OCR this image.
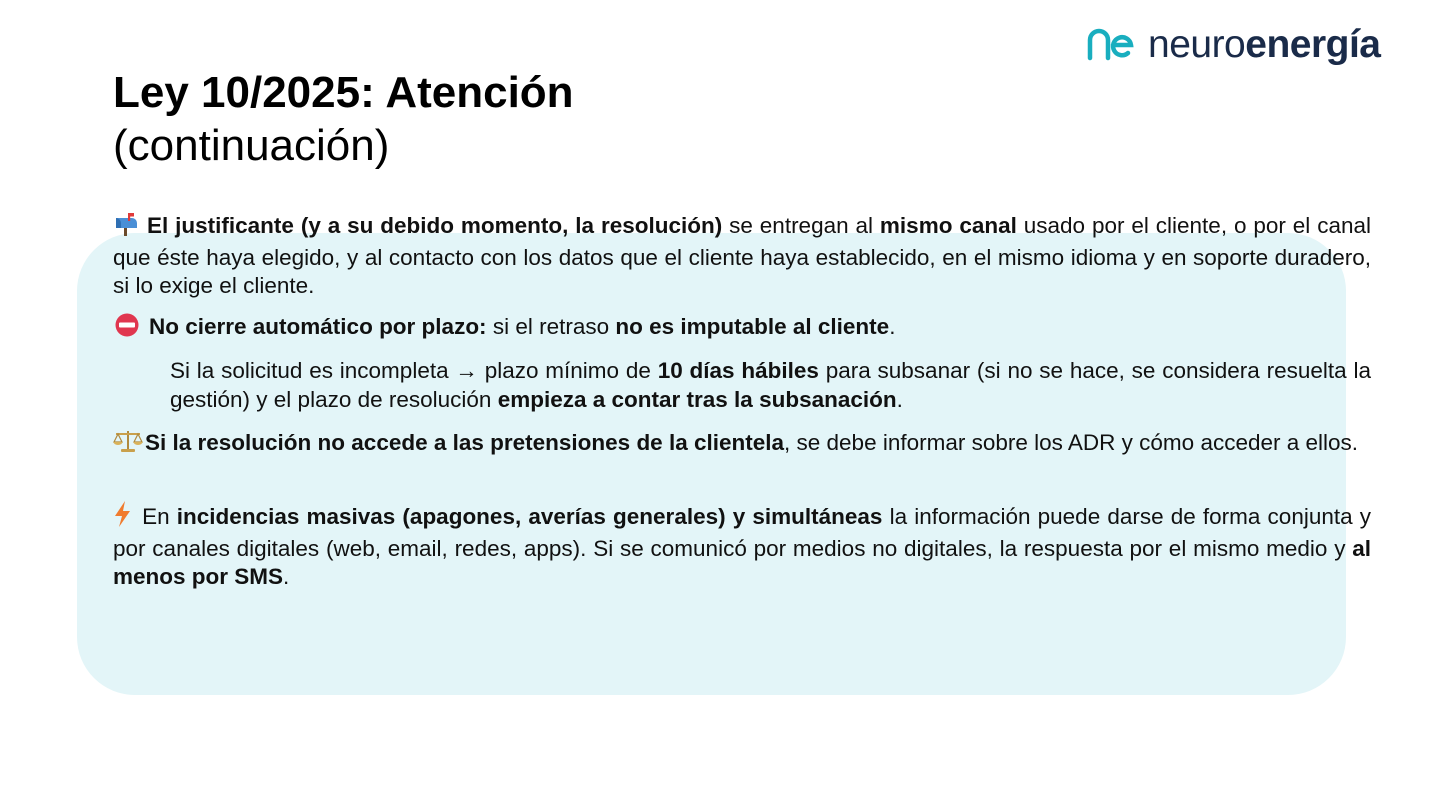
neuroenergía
Ley 10/2025: Atención
(continuación)

El justificante (y a su debido momento, la resolución) se entregan al mismo canal usado por el cliente, o por el canal que éste haya elegido, y al contacto con los datos que el cliente haya establecido, en el mismo idioma y en soporte duradero, si lo exige el cliente.

No cierre automático por plazo: si el retraso no es imputable al cliente.

Si la solicitud es incompleta → plazo mínimo de 10 días hábiles para subsanar (si no se hace, se considera resuelta la gestión) y el plazo de resolución empieza a contar tras la subsanación.

Si la resolución no accede a las pretensiones de la clientela, se debe informar sobre los ADR y cómo acceder a ellos.

En incidencias masivas (apagones, averías generales) y simultáneas la información puede darse de forma conjunta y por canales digitales (web, email, redes, apps). Si se comunicó por medios no digitales, la respuesta por el mismo medio y al menos por SMS.
